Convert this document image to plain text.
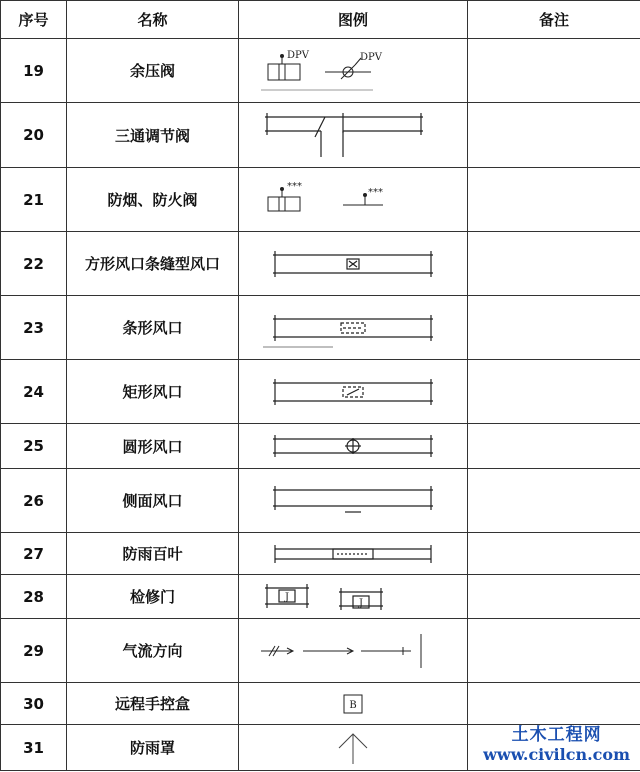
序号	名称	图例	备注
19	余压阀	DPV DPV	

20	三通调节阀	

21	防烟、防火阀	***
***	

22	方形风口条缝型风口	

23	条形风口	

24	矩形风口	

25	圆形风口	

26	侧面风口	

27	防雨百叶	

28	检修门	J
J	

29	气流方向	

30	远程手控盒	B	

31	防雨罩	

土木工程网
www.civilcn.com
